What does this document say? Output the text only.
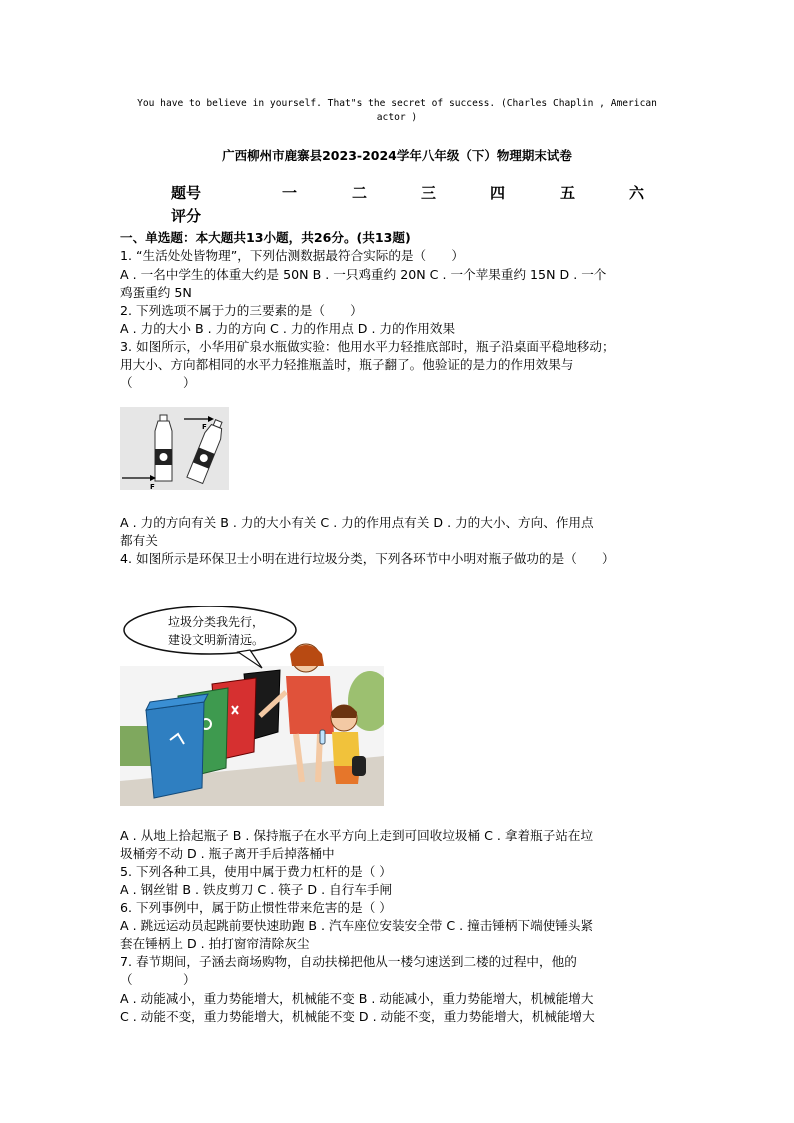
You have to believe in yourself. That"s the secret of success. (Charles Chaplin , American actor )
广西柳州市鹿寨县2023-2024学年八年级（下）物理期末试卷
题号	一	二	三	四	五	六
评分
一、单选题：本大题共13小题，共26分。(共13题)
1. “生活处处皆物理”，下列估测数据最符合实际的是（　　）
A . 一名中学生的体重大约是 50N B . 一只鸡重约 20N C . 一个苹果重约 15N D . 一个
鸡蛋重约 5N
2. 下列选项不属于力的三要素的是（　　）
A . 力的大小 B . 力的方向 C . 力的作用点 D . 力的作用效果
3. 如图所示，小华用矿泉水瓶做实验：他用水平力轻推底部时，瓶子沿桌面平稳地移动；
用大小、方向都相同的水平力轻推瓶盖时，瓶子翻了。他验证的是力的作用效果与
（　　　　）
F
F
A . 力的方向有关 B . 力的大小有关 C . 力的作用点有关 D . 力的大小、方向、作用点
都有关
4. 如图所示是环保卫士小明在进行垃圾分类，下列各环节中小明对瓶子做功的是（　　）
垃圾分类我先行，
建设文明新清远。
A . 从地上拾起瓶子 B . 保持瓶子在水平方向上走到可回收垃圾桶 C . 拿着瓶子站在垃
圾桶旁不动 D . 瓶子离开手后掉落桶中
5. 下列各种工具，使用中属于费力杠杆的是（ ）
A . 钢丝钳 B . 铁皮剪刀 C . 筷子 D . 自行车手闸
6. 下列事例中，属于防止惯性带来危害的是（ ）
A . 跳远运动员起跳前要快速助跑 B . 汽车座位安装安全带 C . 撞击锤柄下端使锤头紧
套在锤柄上 D . 拍打窗帘清除灰尘
7. 春节期间，子涵去商场购物，自动扶梯把他从一楼匀速送到二楼的过程中，他的
（　　　　）
A . 动能减小，重力势能增大，机械能不变 B . 动能减小，重力势能增大，机械能增大
C . 动能不变，重力势能增大，机械能不变 D . 动能不变，重力势能增大，机械能增大
